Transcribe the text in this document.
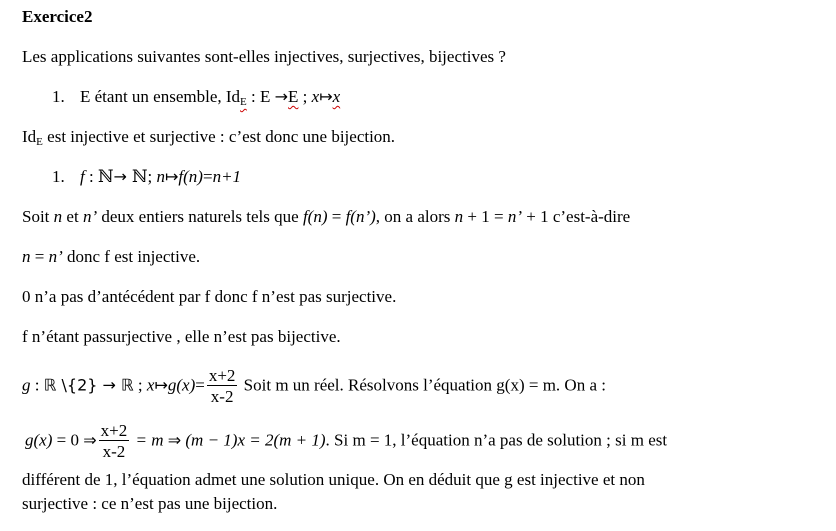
Exercice2
Les applications suivantes sont-elles injectives, surjectives, bijectives ?
1. E étant un ensemble, $Id_E$ : E →E ; x↦x
$Id_E$ est injective et surjective : c’est donc une bijection.
1. f : ℕ→ ℕ; n↦f(n)=n+1
Soit n et n’ deux entiers naturels tels que f(n) = f(n’), on a alors n + 1 = n’ + 1 c’est-à-dire
n = n’ donc f est injective.
0 n’a pas d’antécédent par f donc f n’est pas surjective.
f n’étant passurjective , elle n’est pas bijective.
g : ℝ \{2} → ℝ ; x↦g(x)= $\frac{x+2}{x-2}$ Soit m un réel. Résolvons l’équation g(x) = m. On a :
g(x) = 0 ⇒ $\frac{x+2}{x-2} = m$ ⇒ (m − 1)x = 2(m + 1). Si m = 1, l’équation n’a pas de solution ; si m est
différent de 1, l’équation admet une solution unique. On en déduit que g est injective et non
surjective : ce n’est pas une bijection.
